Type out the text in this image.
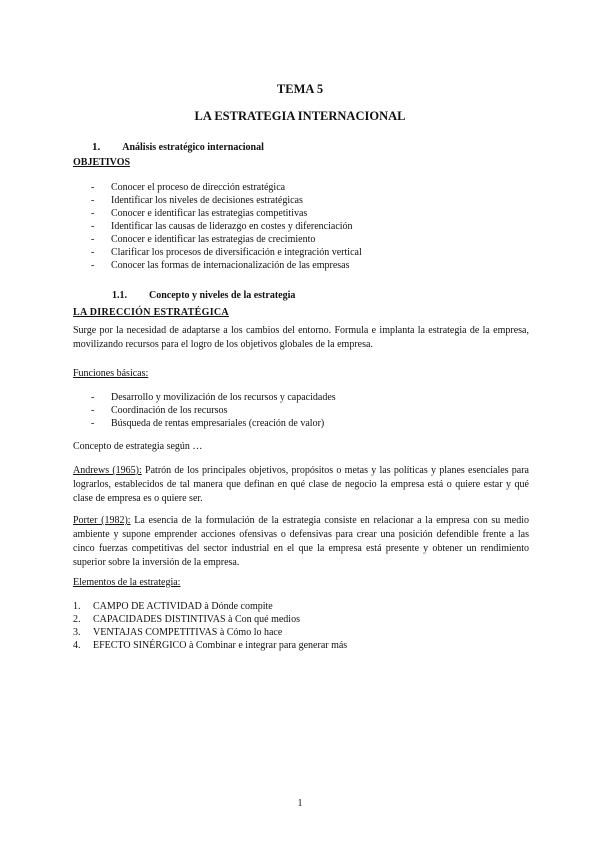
TEMA 5
LA ESTRATEGIA INTERNACIONAL
1. Análisis estratégico internacional
OBJETIVOS
- Conocer el proceso de dirección estratégica
- Identificar los niveles de decisiones estratégicas
- Conocer e identificar las estrategias competitivas
- Identificar las causas de liderazgo en costes y diferenciación
- Conocer e identificar las estrategias de crecimiento
- Clarificar los procesos de diversificación e integración vertical
- Conocer las formas de internacionalización de las empresas
1.1. Concepto y niveles de la estrategia
LA DIRECCIÓN ESTRATÉGICA

Surge por la necesidad de adaptarse a los cambios del entorno. Formula e implanta la estrategia de la empresa, movilizando recursos para el logro de los objetivos globales de la empresa.

Funciones básicas:
- Desarrollo y movilización de los recursos y capacidades
- Coordinación de los recursos
- Búsqueda de rentas empresariales (creación de valor)
Concepto de estrategia según …

Andrews (1965): Patrón de los principales objetivos, propósitos o metas y las políticas y planes esenciales para lograrlos, establecidos de tal manera que definan en qué clase de negocio la empresa está o quiere estar y qué clase de empresa es o quiere ser.

Porter (1982): La esencia de la formulación de la estrategia consiste en relacionar a la empresa con su medio ambiente y supone emprender acciones ofensivas o defensivas para crear una posición defendible frente a las cinco fuerzas competitivas del sector industrial en el que la empresa está presente y obtener un rendimiento superior sobre la inversión de la empresa.

Elementos de la estrategia:
1. CAMPO DE ACTIVIDAD à Dónde compite
2. CAPACIDADES DISTINTIVAS à Con qué medios
3. VENTAJAS COMPETITIVAS à Cómo lo hace
4. EFECTO SINÉRGICO à Combinar e integrar para generar más
1
